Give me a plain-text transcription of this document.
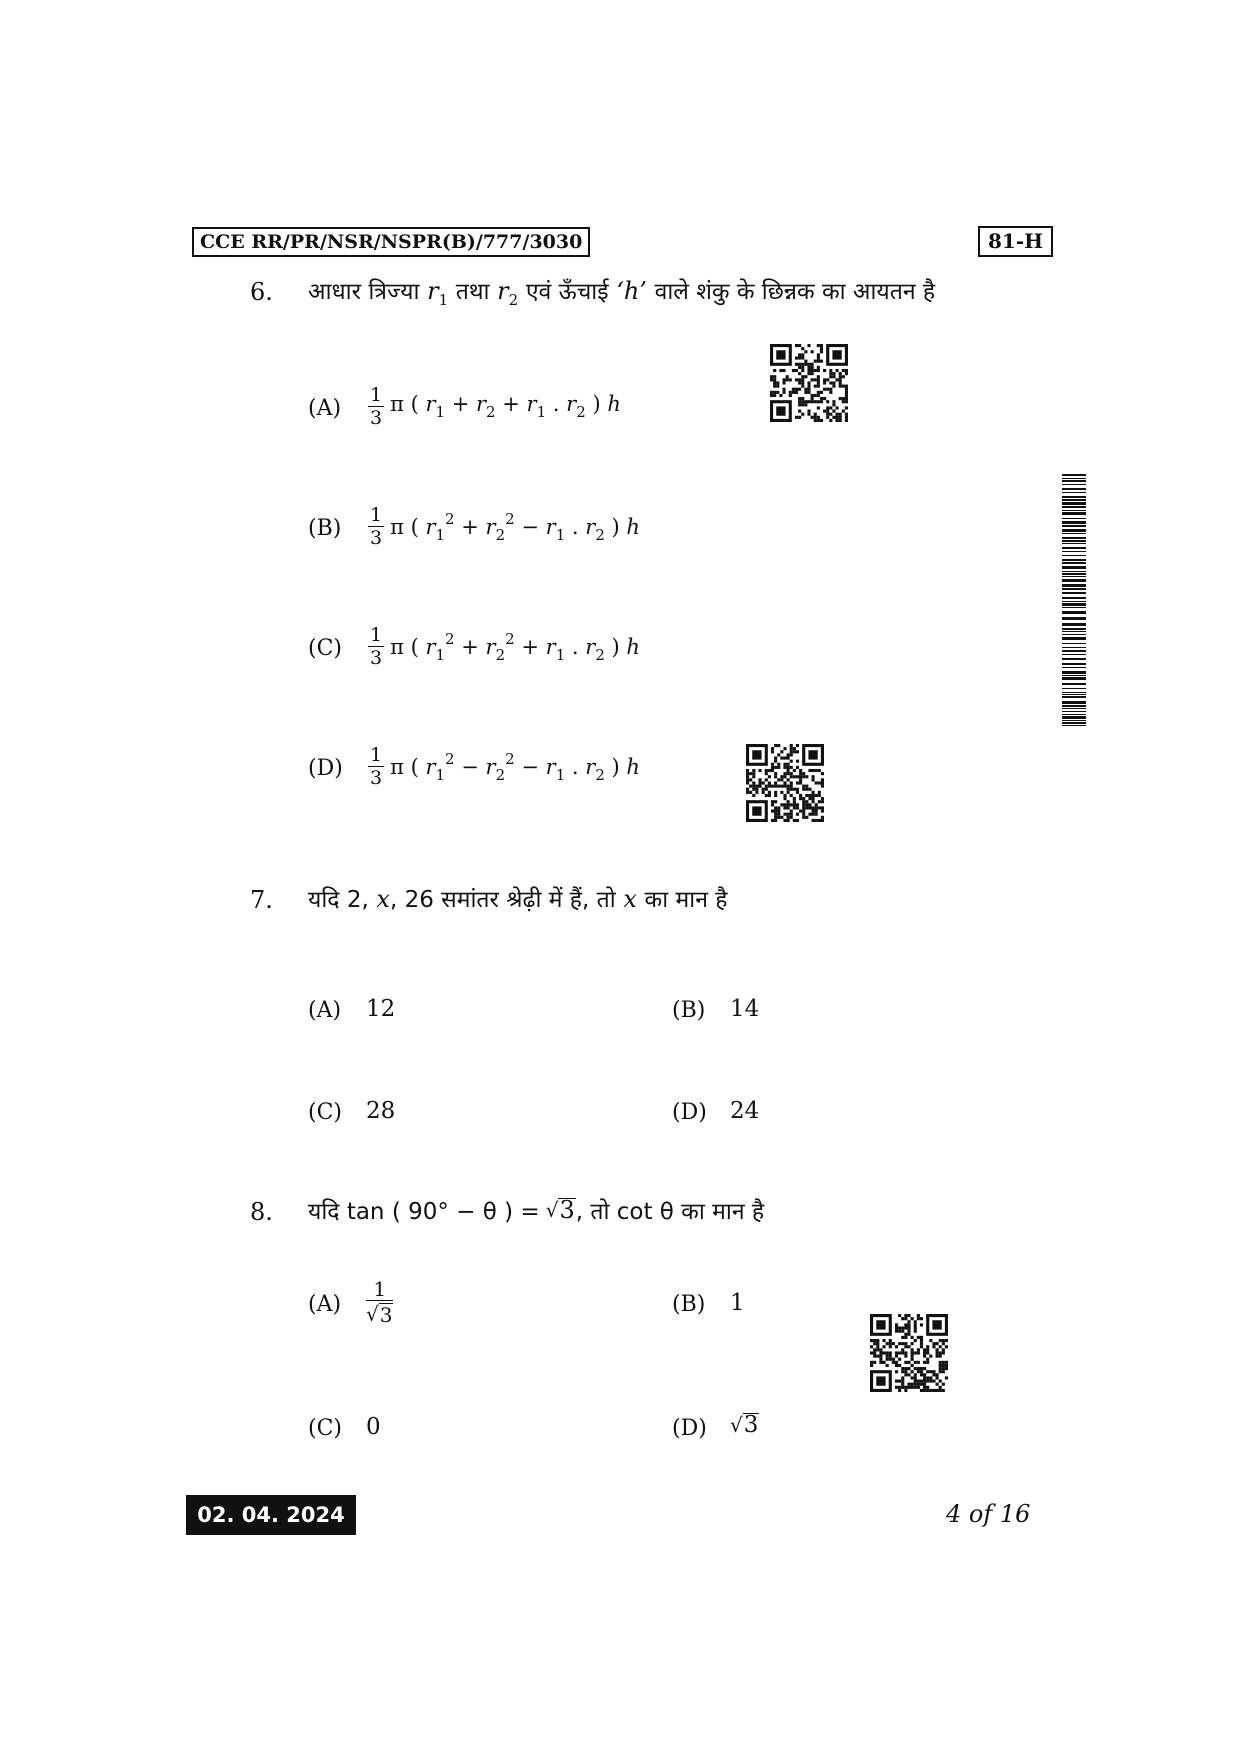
CCE RR/PR/NSR/NSPR(B)/777/3030	81-H
6. आधार त्रिज्या $r_1$ तथा $r_2$ एवं ऊँचाई ‘h’ वाले शंकु के छिन्नक का आयतन है
$(A) \frac{1}{3}$ π ( $r_1 + r_2 + r_1$ . $r_2$ ) h
$(B) \frac{1}{3}$ π ( $r_1^2 + r_2^2 - r_1$ . $r_2$ ) h
$(C) \frac{1}{3}$ π ( $r_1^2 + r_2^2 + r_1$ . $r_2$ ) h
$(D) \frac{1}{3}$ π ( $r_1^2 - r_2^2 - r_1$ . $r_2$ ) h
7. यदि 2, x, 26 समांतर श्रेढ़ी में हैं, तो x का मान है
(A) 12	(B) 14
(C) 28	(D) 24
8. यदि tan ( 90° − θ ) = √ 3 , तो cot θ का मान है
$(A) \frac{1}{√ 3}$	(B) 1
(C) 0	(D) √ 3
02. 04. 2024	4 of 16
